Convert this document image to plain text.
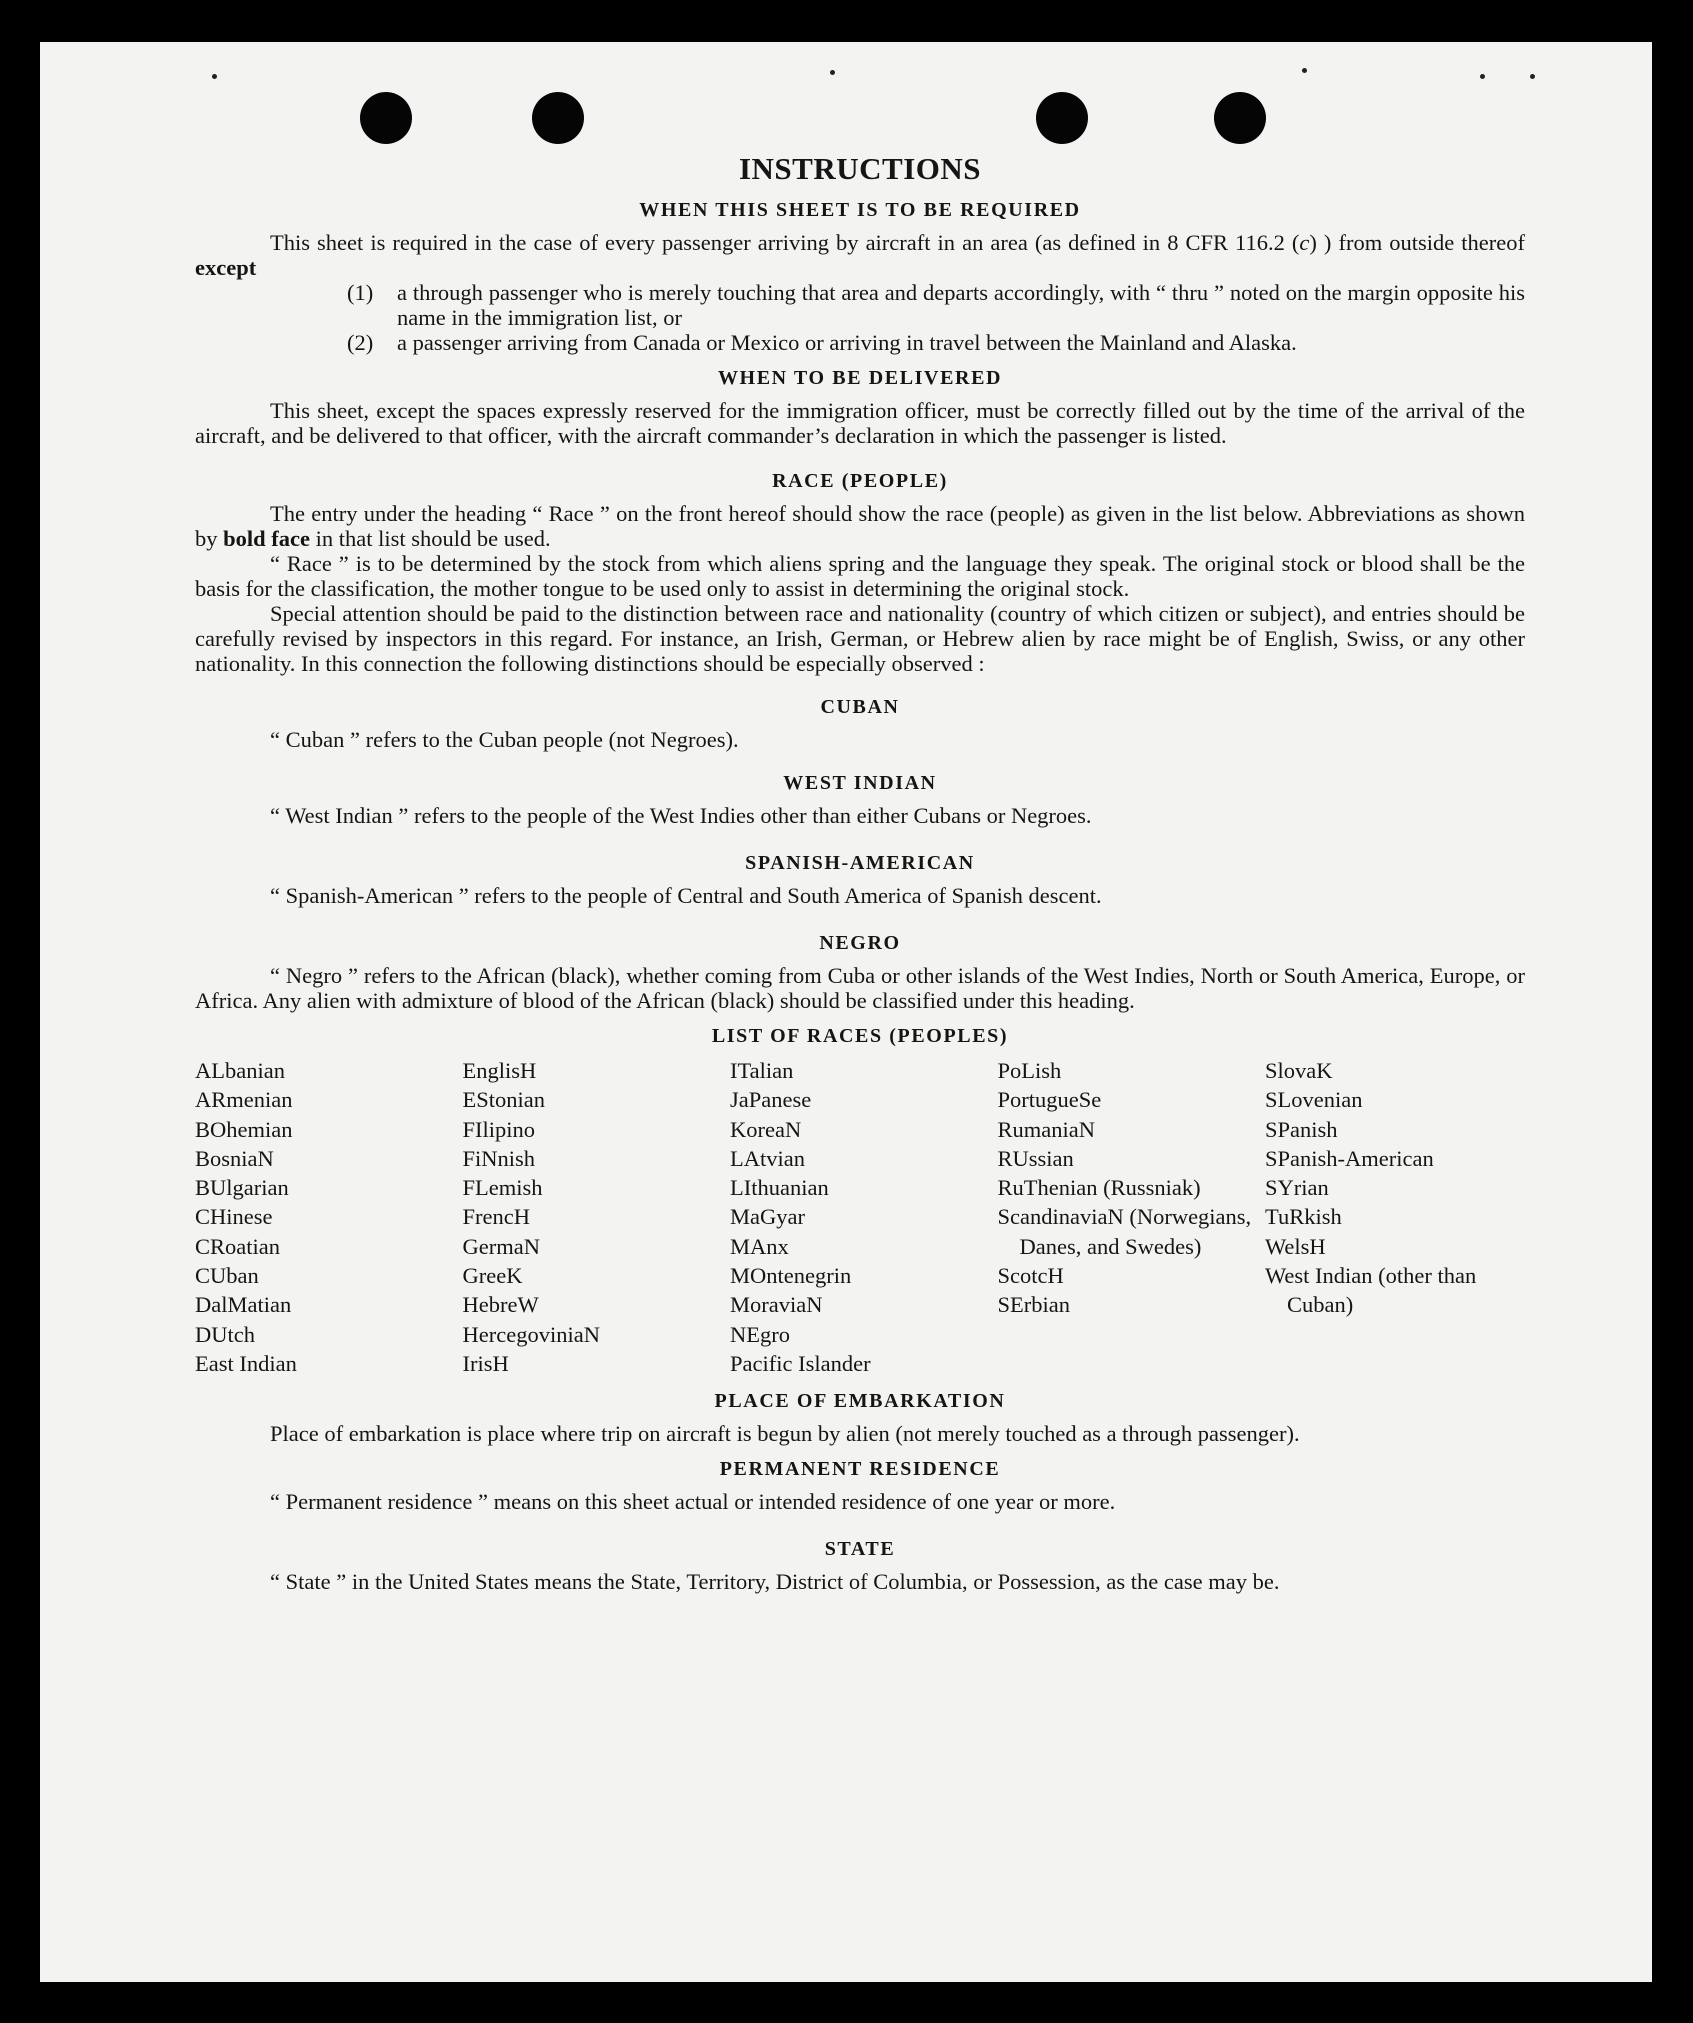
INSTRUCTIONS
WHEN THIS SHEET IS TO BE REQUIRED

This sheet is required in the case of every passenger arriving by aircraft in an area (as defined in 8 CFR 116.2 (c) ) from outside thereof except

(1)	a through passenger who is merely touching that area and departs accordingly, with “ thru ” noted on the margin opposite his name in the immigration list, or
(2)	a passenger arriving from Canada or Mexico or arriving in travel between the Mainland and Alaska.
WHEN TO BE DELIVERED

This sheet, except the spaces expressly reserved for the immigration officer, must be correctly filled out by the time of the arrival of the aircraft, and be delivered to that officer, with the aircraft commander’s declaration in which the passenger is listed.

RACE (PEOPLE)

The entry under the heading “ Race ” on the front hereof should show the race (people) as given in the list below. Abbreviations as shown by bold face in that list should be used.

“ Race ” is to be determined by the stock from which aliens spring and the language they speak. The original stock or blood shall be the basis for the classification, the mother tongue to be used only to assist in determining the original stock.

Special attention should be paid to the distinction between race and nationality (country of which citizen or subject), and entries should be carefully revised by inspectors in this regard. For instance, an Irish, German, or Hebrew alien by race might be of English, Swiss, or any other nationality. In this connection the following distinctions should be especially observed :

CUBAN

“ Cuban ” refers to the Cuban people (not Negroes).

WEST INDIAN

“ West Indian ” refers to the people of the West Indies other than either Cubans or Negroes.

SPANISH-AMERICAN

“ Spanish-American ” refers to the people of Central and South America of Spanish descent.

NEGRO

“ Negro ” refers to the African (black), whether coming from Cuba or other islands of the West Indies, North or South America, Europe, or Africa. Any alien with admixture of blood of the African (black) should be classified under this heading.

LIST OF RACES (PEOPLES)
ALbanian
ARmenian
BOhemian
BosniaN
BUlgarian
CHinese
CRoatian
CUban
DalMatian
DUtch
East Indian
EnglisH
EStonian
FIlipino
FiNnish
FLemish
FrencH
GermaN
GreeK
HebreW
HercegoviniaN
IrisH
ITalian
JaPanese
KoreaN
LAtvian
LIthuanian
MaGyar
MAnx
MOntenegrin
MoraviaN
NEgro
Pacific Islander
PoLish
PortugueSe
RumaniaN
RUssian
RuThenian (Russniak)
ScandinaviaN (Norwegians, Danes, and Swedes)
ScotcH
SErbian
SlovaK
SLovenian
SPanish
SPanish-American
SYrian
TuRkish
WelsH
West Indian (other than Cuban)
PLACE OF EMBARKATION

Place of embarkation is place where trip on aircraft is begun by alien (not merely touched as a through passenger).

PERMANENT RESIDENCE

“ Permanent residence ” means on this sheet actual or intended residence of one year or more.

STATE

“ State ” in the United States means the State, Territory, District of Columbia, or Possession, as the case may be.
